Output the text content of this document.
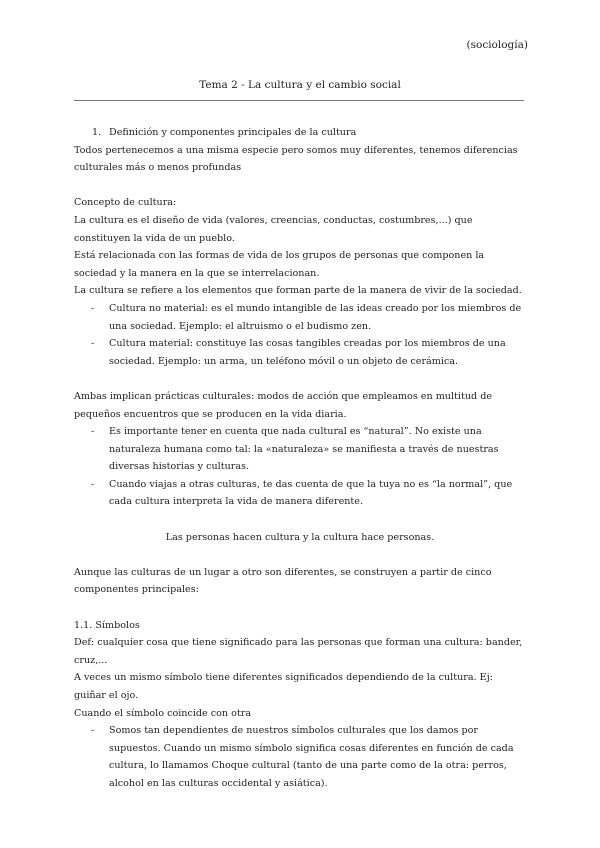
(sociología)
Tema 2 - La cultura y el cambio social

1. Definición y componentes principales de la cultura

Todos pertenecemos a una misma especie pero somos muy diferentes, tenemos diferencias culturales más o menos profundas

Concepto de cultura:

La cultura es el diseño de vida (valores, creencias, conductas, costumbres,...) que constituyen la vida de un pueblo.

Está relacionada con las formas de vida de los grupos de personas que componen la sociedad y la manera en la que se interrelacionan.

La cultura se refiere a los elementos que forman parte de la manera de vivir de la sociedad.

- Cultura no material: es el mundo intangible de las ideas creado por los miembros de una sociedad. Ejemplo: el altruismo o el budismo zen.
- Cultura material: constituye las cosas tangibles creadas por los miembros de una sociedad. Ejemplo: un arma, un teléfono móvil o un objeto de cerámica.

Ambas implican prácticas culturales: modos de acción que empleamos en multitud de pequeños encuentros que se producen en la vida diaria.

- Es importante tener en cuenta que nada cultural es “natural”. No existe una naturaleza humana como tal: la «naturaleza» se manifiesta a través de nuestras diversas historias y culturas.
- Cuando viajas a otras culturas, te das cuenta de que la tuya no es “la normal”, que cada cultura interpreta la vida de manera diferente.

Las personas hacen cultura y la cultura hace personas.

Aunque las culturas de un lugar a otro son diferentes, se construyen a partir de cinco componentes principales:

1.1. Símbolos

Def: cualquier cosa que tiene significado para las personas que forman una cultura: bander, cruz,...

A veces un mismo símbolo tiene diferentes significados dependiendo de la cultura. Ej: guiñar el ojo.

Cuando el símbolo coincide con otra

- Somos tan dependientes de nuestros símbolos culturales que los damos por supuestos. Cuando un mismo símbolo significa cosas diferentes en función de cada cultura, lo llamamos Choque cultural (tanto de una parte como de la otra: perros, alcohol en las culturas occidental y asiática).
